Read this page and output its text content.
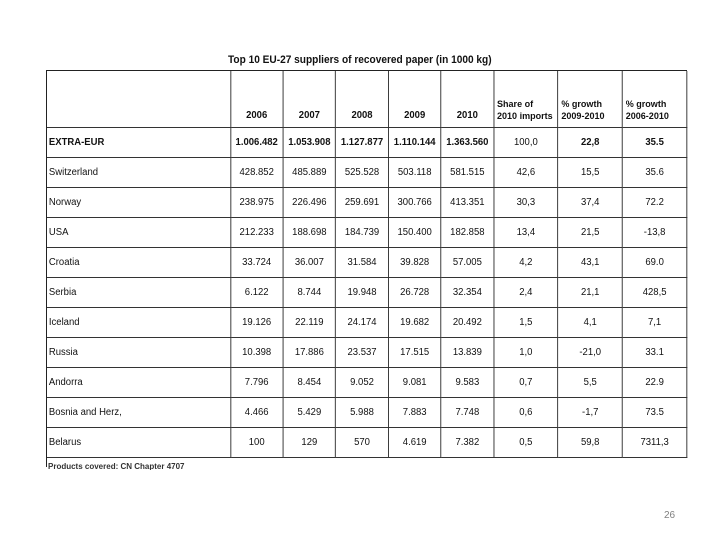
Top 10 EU-27 suppliers of recovered paper (in 1000 kg)
	2006	2007	2008	2009	2010	Share of 2010 imports	% growth 2009-2010	% growth 2006-2010
EXTRA-EUR	1.006.482	1.053.908	1.127.877	1.110.144	1.363.560	100,0	22,8	35.5
Switzerland	428.852	485.889	525.528	503.118	581.515	42,6	15,5	35.6
Norway	238.975	226.496	259.691	300.766	413.351	30,3	37,4	72.2
USA	212.233	188.698	184.739	150.400	182.858	13,4	21,5	-13,8
Croatia	33.724	36.007	31.584	39.828	57.005	4,2	43,1	69.0
Serbia	6.122	8.744	19.948	26.728	32.354	2,4	21,1	428,5
Iceland	19.126	22.119	24.174	19.682	20.492	1,5	4,1	7,1
Russia	10.398	17.886	23.537	17.515	13.839	1,0	-21,0	33.1
Andorra	7.796	8.454	9.052	9.081	9.583	0,7	5,5	22.9
Bosnia and Herz,	4.466	5.429	5.988	7.883	7.748	0,6	-1,7	73.5
Belarus	100	129	570	4.619	7.382	0,5	59,8	7311,3
Products covered: CN Chapter 4707
26
